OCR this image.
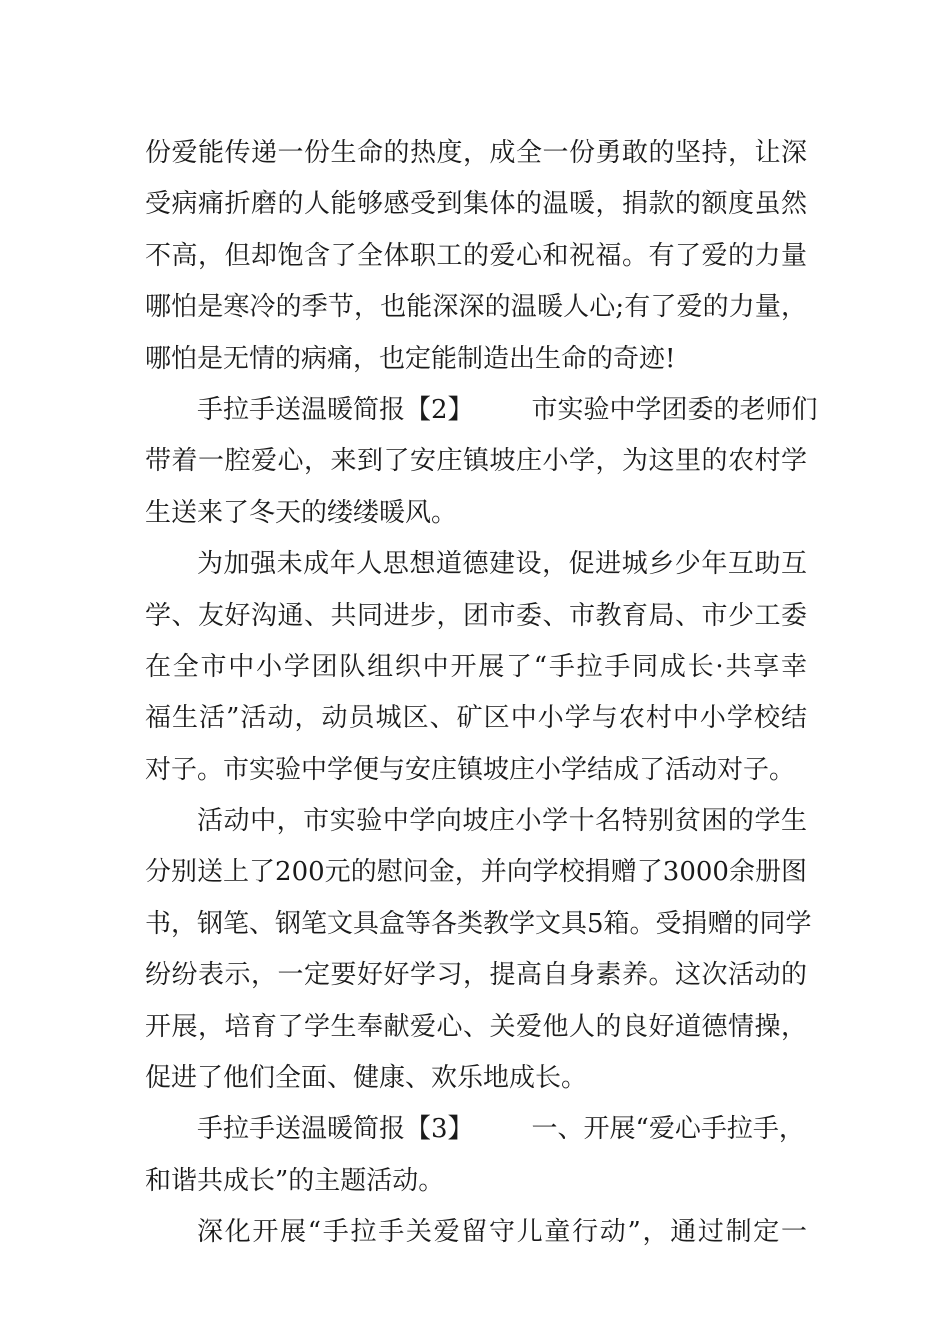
份爱能传递一份生命的热度，成全一份勇敢的坚持，让深
受病痛折磨的人能够感受到集体的温暖，捐款的额度虽然
不高，但却饱含了全体职工的爱心和祝福。有了爱的力量
哪怕是寒冷的季节，也能深深的温暖人心;有了爱的力量，
哪怕是无情的病痛，也定能制造出生命的奇迹!
手拉手送温暖简报【2】 市实验中学团委的老师们
带着一腔爱心，来到了安庄镇坡庄小学，为这里的农村学
生送来了冬天的缕缕暖风。
为加强未成年人思想道德建设，促进城乡少年互助互
学、友好沟通、共同进步，团市委、市教育局、市少工委
在全市中小学团队组织中开展了“手拉手同成长·共享幸
福生活”活动，动员城区、矿区中小学与农村中小学校结
对子。市实验中学便与安庄镇坡庄小学结成了活动对子。
活动中，市实验中学向坡庄小学十名特别贫困的学生
分别送上了200元的慰问金，并向学校捐赠了3000余册图
书，钢笔、钢笔文具盒等各类教学文具5箱。受捐赠的同学
纷纷表示，一定要好好学习，提高自身素养。这次活动的
开展，培育了学生奉献爱心、关爱他人的良好道德情操，
促进了他们全面、健康、欢乐地成长。
手拉手送温暖简报【3】 一、开展“爱心手拉手，
和谐共成长”的主题活动。
深化开展“手拉手关爱留守儿童行动”，通过制定一
